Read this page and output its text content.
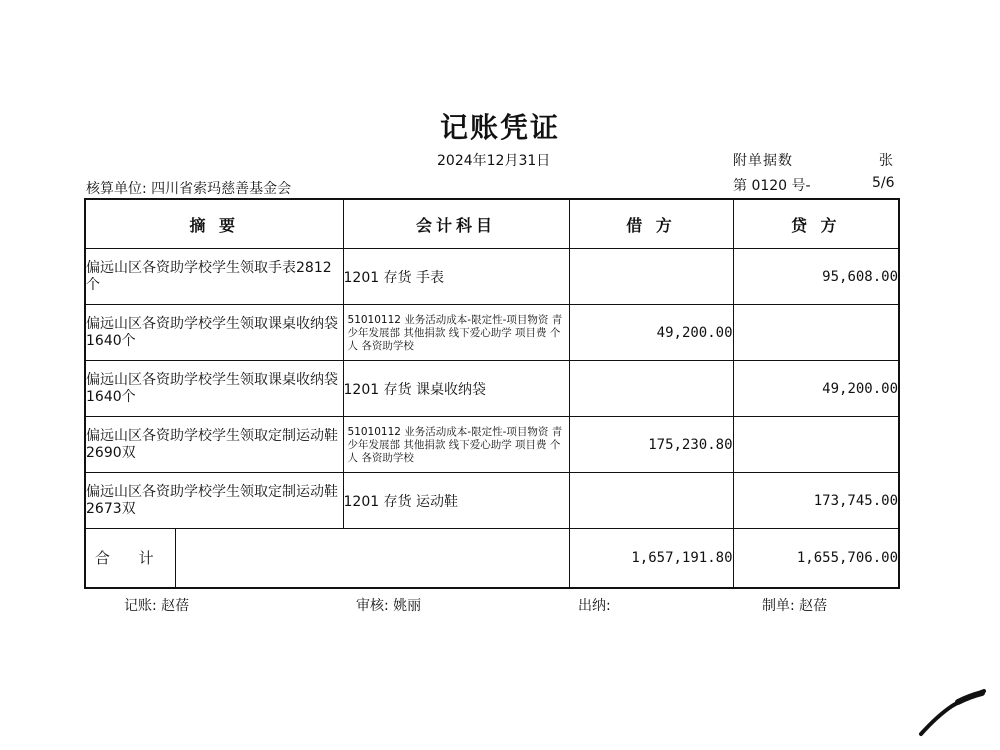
记账凭证
2024年12月31日	附单据数	张
核算单位: 四川省索玛慈善基金会	第 0120 号-	5/6
摘 要		会计科目	借 方	贷 方
偏远山区各资助学校学生领取手表2812个		1201 存货 手表		95,608.00
偏远山区各资助学校学生领取课桌收纳袋1640个		51010112 业务活动成本-限定性-项目物资 青少年发展部 其他捐款 线下爱心助学 项目费 个人 各资助学校	49,200.00	
偏远山区各资助学校学生领取课桌收纳袋1640个		1201 存货 课桌收纳袋		49,200.00
偏远山区各资助学校学生领取定制运动鞋2690双		51010112 业务活动成本-限定性-项目物资 青少年发展部 其他捐款 线下爱心助学 项目费 个人 各资助学校	175,230.80	
偏远山区各资助学校学生领取定制运动鞋2673双		1201 存货 运动鞋		173,745.00
合 计			1,657,191.80	1,655,706.00
记账: 赵蓓	审核: 姚丽	出纳:	制单: 赵蓓
